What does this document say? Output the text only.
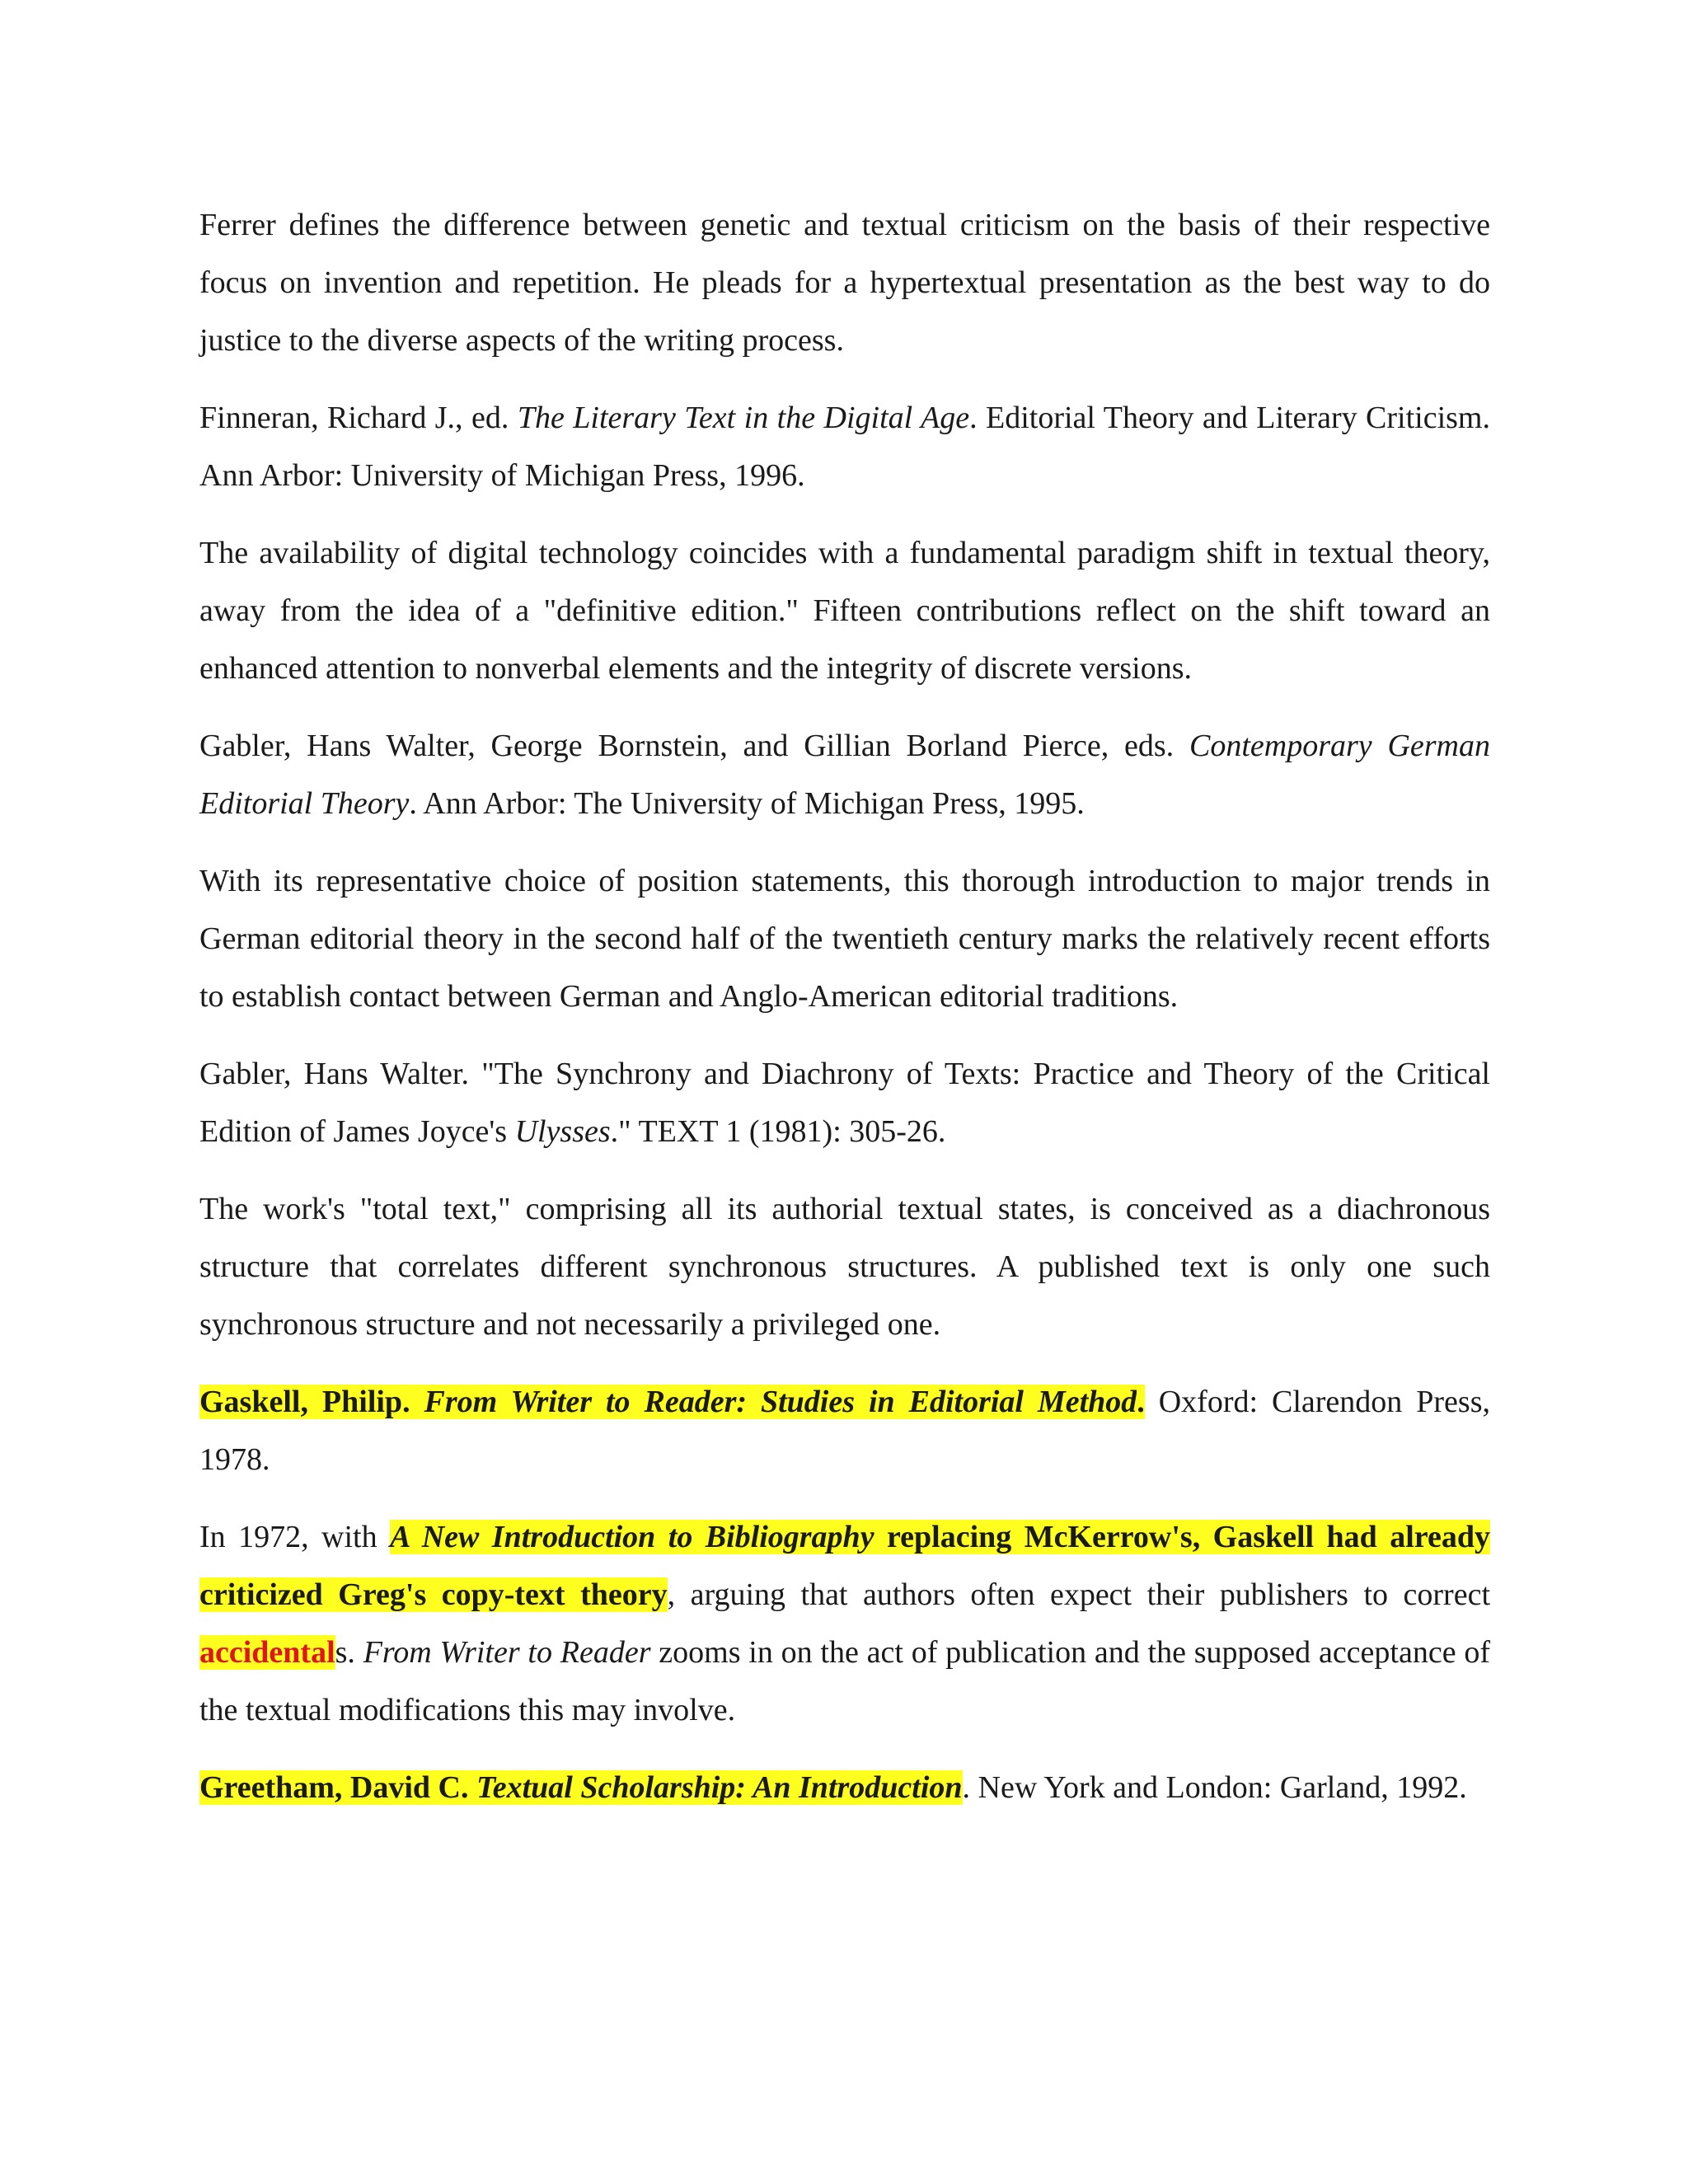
Ferrer defines the difference between genetic and textual criticism on the basis of their respective focus on invention and repetition. He pleads for a hypertextual presentation as the best way to do justice to the diverse aspects of the writing process.

Finneran, Richard J., ed. The Literary Text in the Digital Age. Editorial Theory and Literary Criticism. Ann Arbor: University of Michigan Press, 1996.

The availability of digital technology coincides with a fundamental paradigm shift in textual theory, away from the idea of a "definitive edition." Fifteen contributions reflect on the shift toward an enhanced attention to nonverbal elements and the integrity of discrete versions.

Gabler, Hans Walter, George Bornstein, and Gillian Borland Pierce, eds. Contemporary German Editorial Theory. Ann Arbor: The University of Michigan Press, 1995.

With its representative choice of position statements, this thorough introduction to major trends in German editorial theory in the second half of the twentieth century marks the relatively recent efforts to establish contact between German and Anglo-American editorial traditions.

Gabler, Hans Walter. "The Synchrony and Diachrony of Texts: Practice and Theory of the Critical Edition of James Joyce's Ulysses." TEXT 1 (1981): 305-26.

The work's "total text," comprising all its authorial textual states, is conceived as a diachronous structure that correlates different synchronous structures. A published text is only one such synchronous structure and not necessarily a privileged one.

Gaskell, Philip. From Writer to Reader: Studies in Editorial Method. Oxford: Clarendon Press, 1978.

In 1972, with A New Introduction to Bibliography replacing McKerrow's, Gaskell had already criticized Greg's copy-text theory, arguing that authors often expect their publishers to correct accidentals. From Writer to Reader zooms in on the act of publication and the supposed acceptance of the textual modifications this may involve.

Greetham, David C. Textual Scholarship: An Introduction. New York and London: Garland, 1992.
